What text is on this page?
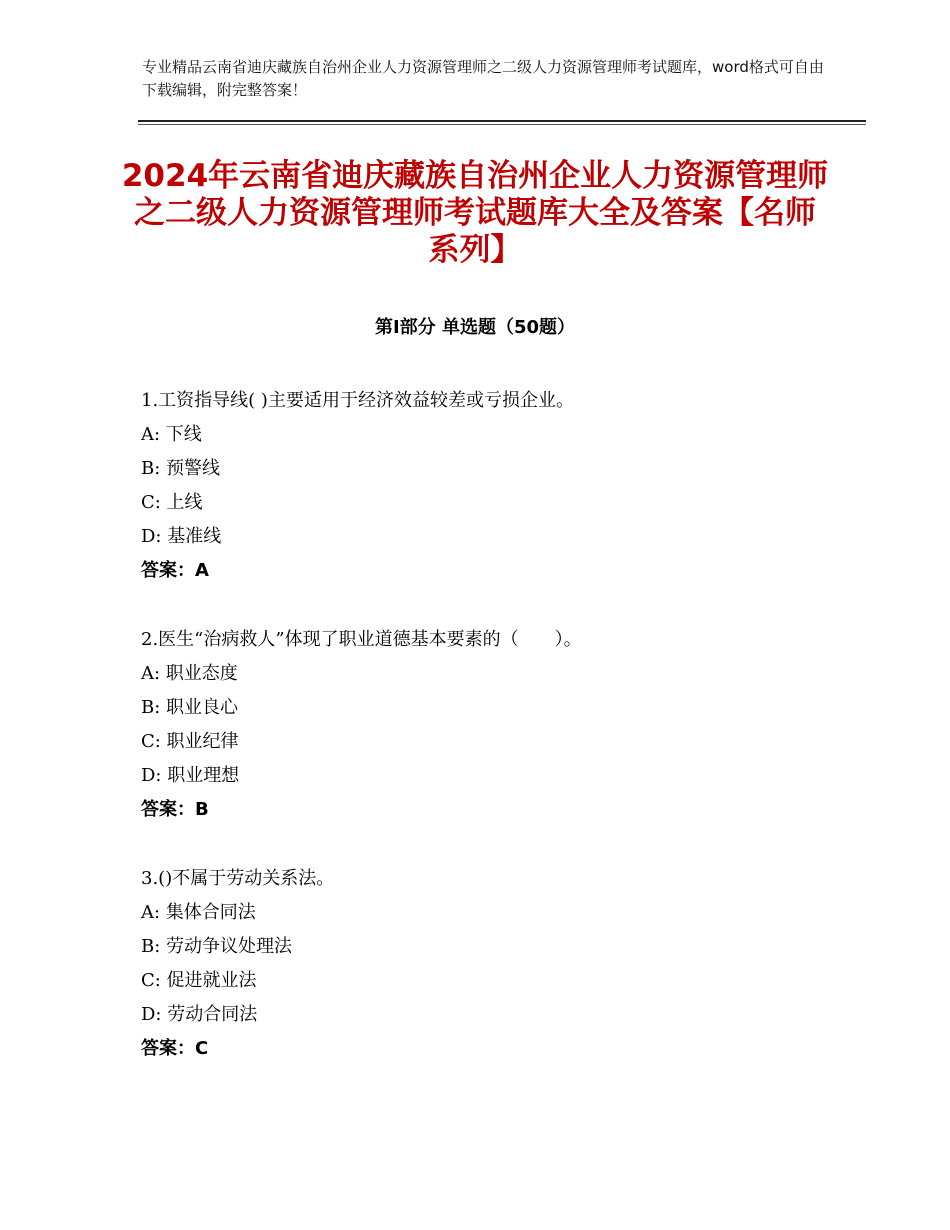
专业精品云南省迪庆藏族自治州企业人力资源管理师之二级人力资源管理师考试题库，word格式可自由下载编辑，附完整答案！
2024年云南省迪庆藏族自治州企业人力资源管理师之二级人力资源管理师考试题库大全及答案【名师系列】
第Ⅰ部分 单选题（50题）
1.工资指导线( )主要适用于经济效益较差或亏损企业。
A: 下线
B: 预警线
C: 上线
D: 基准线
答案：A
2.医生“治病救人”体现了职业道德基本要素的（　　）。
A: 职业态度
B: 职业良心
C: 职业纪律
D: 职业理想
答案：B
3.()不属于劳动关系法。
A: 集体合同法
B: 劳动争议处理法
C: 促进就业法
D: 劳动合同法
答案：C
